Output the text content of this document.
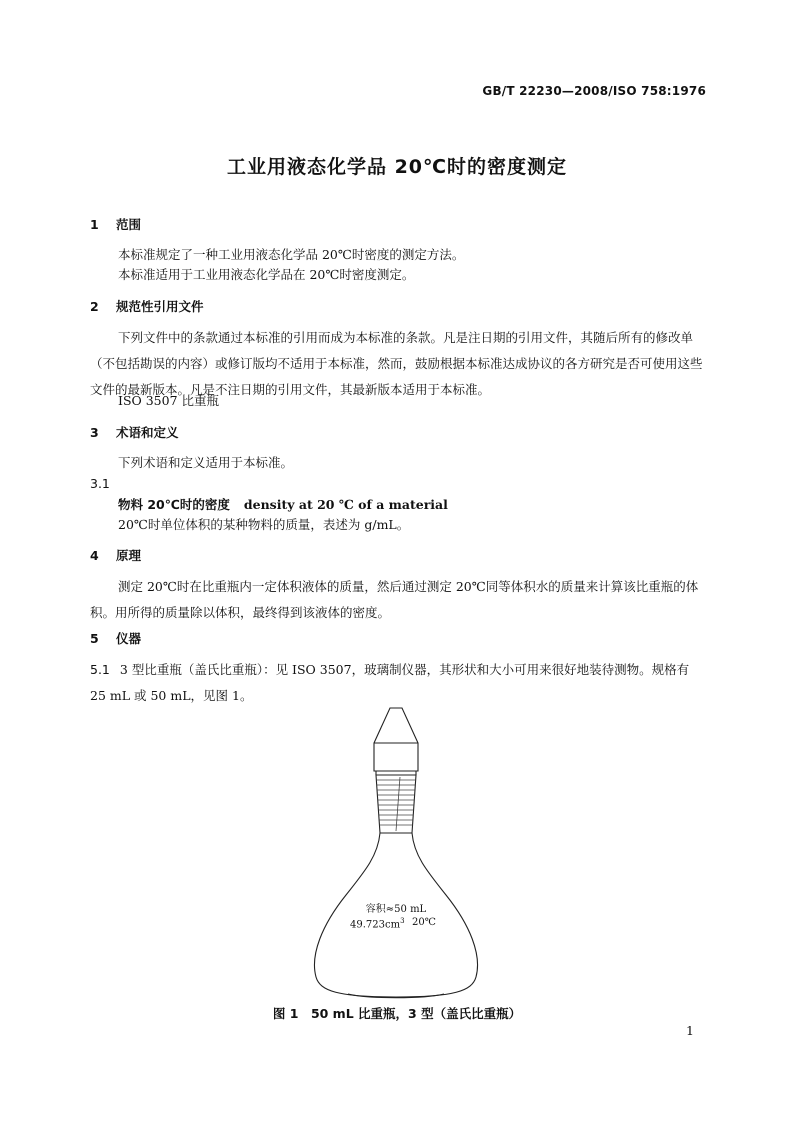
GB/T 22230—2008/ISO 758:1976
工业用液态化学品 20℃时的密度测定
1 范围
本标准规定了一种工业用液态化学品 20℃时密度的测定方法。
本标准适用于工业用液态化学品在 20℃时密度测定。
2 规范性引用文件
下列文件中的条款通过本标准的引用而成为本标准的条款。凡是注日期的引用文件，其随后所有的修改单（不包括勘误的内容）或修订版均不适用于本标准，然而，鼓励根据本标准达成协议的各方研究是否可使用这些文件的最新版本。凡是不注日期的引用文件，其最新版本适用于本标准。
ISO 3507 比重瓶
3 术语和定义
下列术语和定义适用于本标准。
3.1
物料 20℃时的密度 density at 20 ℃ of a material
20℃时单位体积的某种物料的质量，表述为 g/mL。
4 原理
测定 20℃时在比重瓶内一定体积液体的质量，然后通过测定 20℃同等体积水的质量来计算该比重瓶的体积。用所得的质量除以体积，最终得到该液体的密度。
5 仪器
5.1 3 型比重瓶（盖氏比重瓶）：见 ISO 3507，玻璃制仪器，其形状和大小可用来很好地装待测物。规格有 25 mL 或 50 mL，见图 1。
容积≈50 mL
$49.723cm^3$ 20℃
图 1　50 mL 比重瓶，3 型（盖氏比重瓶）
1
